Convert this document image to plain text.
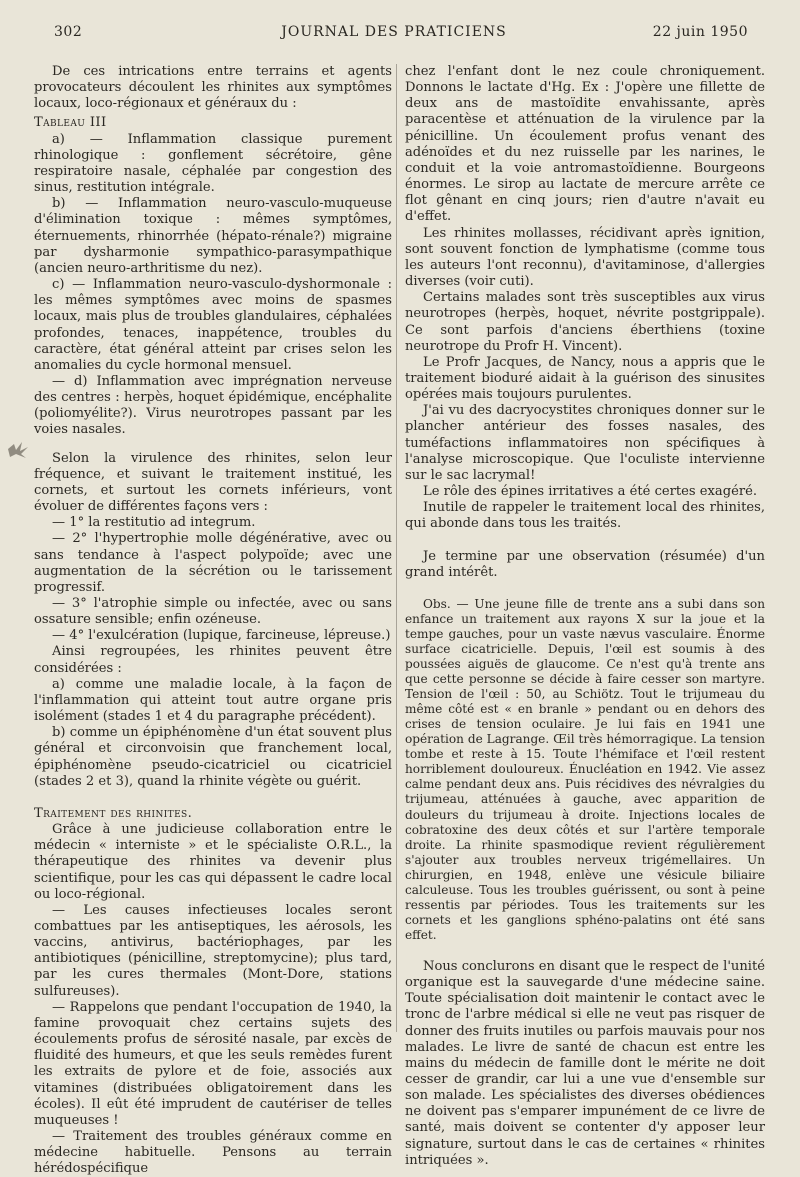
302	JOURNAL DES PRATICIENS	22 juin 1950

De ces intrications entre terrains et agents provocateurs découlent les rhinites aux symptômes locaux, loco-régionaux et généraux du :

Tableau III

a) — Inflammation classique purement rhinologique : gonflement sécrétoire, gêne respiratoire nasale, céphalée par congestion des sinus, restitution intégrale.

b) — Inflammation neuro-vasculo-muqueuse d'élimination toxique : mêmes symptômes, éternuements, rhinorrhée (hépato-rénale?) migraine par dysharmonie sympathico-parasympathique (ancien neuro-arthritisme du nez).

c) — Inflammation neuro-vasculo-dyshormonale : les mêmes symptômes avec moins de spasmes locaux, mais plus de troubles glandulaires, céphalées profondes, tenaces, inappétence, troubles du caractère, état général atteint par crises selon les anomalies du cycle hormonal mensuel.

— d) Inflammation avec imprégnation nerveuse des centres : herpès, hoquet épidémique, encéphalite (poliomyélite?). Virus neurotropes passant par les voies nasales.

Selon la virulence des rhinites, selon leur fréquence, et suivant le traitement institué, les cornets, et surtout les cornets inférieurs, vont évoluer de différentes façons vers :

— 1° la restitutio ad integrum.

— 2° l'hypertrophie molle dégénérative, avec ou sans tendance à l'aspect polypoïde; avec une augmentation de la sécrétion ou le tarissement progressif.

— 3° l'atrophie simple ou infectée, avec ou sans ossature sensible; enfin ozéneuse.

— 4° l'exulcération (lupique, farcineuse, lépreuse.)

Ainsi regroupées, les rhinites peuvent être considérées :

a) comme une maladie locale, à la façon de l'inflammation qui atteint tout autre organe pris isolément (stades 1 et 4 du paragraphe précédent).

b) comme un épiphénomène d'un état souvent plus général et circonvoisin que franchement local, épiphénomène pseudo-cicatriciel ou cicatriciel (stades 2 et 3), quand la rhinite végète ou guérit.

Traitement des rhinites.

Grâce à une judicieuse collaboration entre le médecin « interniste » et le spécialiste O.R.L., la thérapeutique des rhinites va devenir plus scientifique, pour les cas qui dépassent le cadre local ou loco-régional.

— Les causes infectieuses locales seront combattues par les antiseptiques, les aérosols, les vaccins, antivirus, bactériophages, par les antibiotiques (pénicilline, streptomycine); plus tard, par les cures thermales (Mont-Dore, stations sulfureuses).

— Rappelons que pendant l'occupation de 1940, la famine provoquait chez certains sujets des écoulements profus de sérosité nasale, par excès de fluidité des humeurs, et que les seuls remèdes furent les extraits de pylore et de foie, associés aux vitamines (distribuées obligatoirement dans les écoles). Il eût été imprudent de cautériser de telles muqueuses !

— Traitement des troubles généraux comme en médecine habituelle. Pensons au terrain hérédospécifique

chez l'enfant dont le nez coule chroniquement. Donnons le lactate d'Hg. Ex : J'opère une fillette de deux ans de mastoïdite envahissante, après paracentèse et atténuation de la virulence par la pénicilline. Un écoulement profus venant des adénoïdes et du nez ruisselle par les narines, le conduit et la voie antromastoïdienne. Bourgeons énormes. Le sirop au lactate de mercure arrête ce flot gênant en cinq jours; rien d'autre n'avait eu d'effet.

Les rhinites mollasses, récidivant après ignition, sont souvent fonction de lymphatisme (comme tous les auteurs l'ont reconnu), d'avitaminose, d'allergies diverses (voir cuti).

Certains malades sont très susceptibles aux virus neurotropes (herpès, hoquet, névrite postgrippale). Ce sont parfois d'anciens éberthiens (toxine neurotrope du Profr H. Vincent).

Le Profr Jacques, de Nancy, nous a appris que le traitement bioduré aidait à la guérison des sinusites opérées mais toujours purulentes.

J'ai vu des dacryocystites chroniques donner sur le plancher antérieur des fosses nasales, des tuméfactions inflammatoires non spécifiques à l'analyse microscopique. Que l'oculiste intervienne sur le sac lacrymal!

Le rôle des épines irritatives a été certes exagéré.

Inutile de rappeler le traitement local des rhinites, qui abonde dans tous les traités.

Je termine par une observation (résumée) d'un grand intérêt.

Obs. — Une jeune fille de trente ans a subi dans son enfance un traitement aux rayons X sur la joue et la tempe gauches, pour un vaste nævus vasculaire. Énorme surface cicatricielle. Depuis, l'œil est soumis à des poussées aiguës de glaucome. Ce n'est qu'à trente ans que cette personne se décide à faire cesser son martyre. Tension de l'œil : 50, au Schiötz. Tout le trijumeau du même côté est « en branle » pendant ou en dehors des crises de tension oculaire. Je lui fais en 1941 une opération de Lagrange. Œil très hémorragique. La tension tombe et reste à 15. Toute l'hémiface et l'œil restent horriblement douloureux. Énucléation en 1942. Vie assez calme pendant deux ans. Puis récidives des névralgies du trijumeau, atténuées à gauche, avec apparition de douleurs du trijumeau à droite. Injections locales de cobratoxine des deux côtés et sur l'artère temporale droite. La rhinite spasmodique revient régulièrement s'ajouter aux troubles nerveux trigémellaires. Un chirurgien, en 1948, enlève une vésicule biliaire calculeuse. Tous les troubles guérissent, ou sont à peine ressentis par périodes. Tous les traitements sur les cornets et les ganglions sphéno-palatins ont été sans effet.

Nous conclurons en disant que le respect de l'unité organique est la sauvegarde d'une médecine saine. Toute spécialisation doit maintenir le contact avec le tronc de l'arbre médical si elle ne veut pas risquer de donner des fruits inutiles ou parfois mauvais pour nos malades. Le livre de santé de chacun est entre les mains du médecin de famille dont le mérite ne doit cesser de grandir, car lui a une vue d'ensemble sur son malade. Les spécialistes des diverses obédiences ne doivent pas s'emparer impunément de ce livre de santé, mais doivent se contenter d'y apposer leur signature, surtout dans le cas de certaines « rhinites intriquées ».
